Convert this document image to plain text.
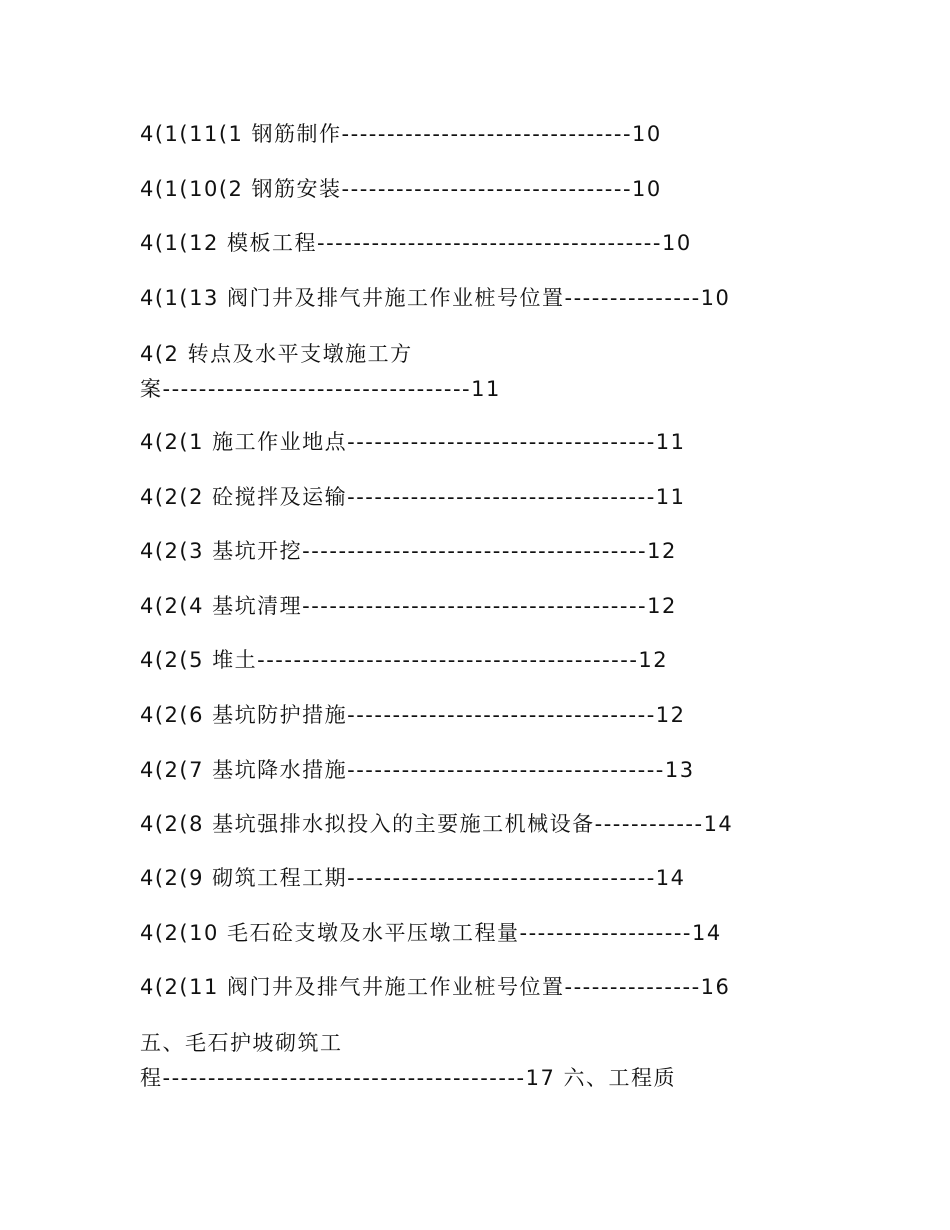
4(1(11(1 钢筋制作--------------------------------10
4(1(10(2 钢筋安装--------------------------------10
4(1(12 模板工程--------------------------------------10
4(1(13 阀门井及排气井施工作业桩号位置---------------10
4(2 转点及水平支墩施工方
案----------------------------------11
4(2(1 施工作业地点----------------------------------11
4(2(2 砼搅拌及运输----------------------------------11
4(2(3 基坑开挖--------------------------------------12
4(2(4 基坑清理--------------------------------------12
4(2(5 堆土------------------------------------------12
4(2(6 基坑防护措施----------------------------------12
4(2(7 基坑降水措施-----------------------------------13
4(2(8 基坑强排水拟投入的主要施工机械设备------------14
4(2(9 砌筑工程工期----------------------------------14
4(2(10 毛石砼支墩及水平压墩工程量-------------------14
4(2(11 阀门井及排气井施工作业桩号位置---------------16
五、毛石护坡砌筑工
程----------------------------------------17 六、工程质
